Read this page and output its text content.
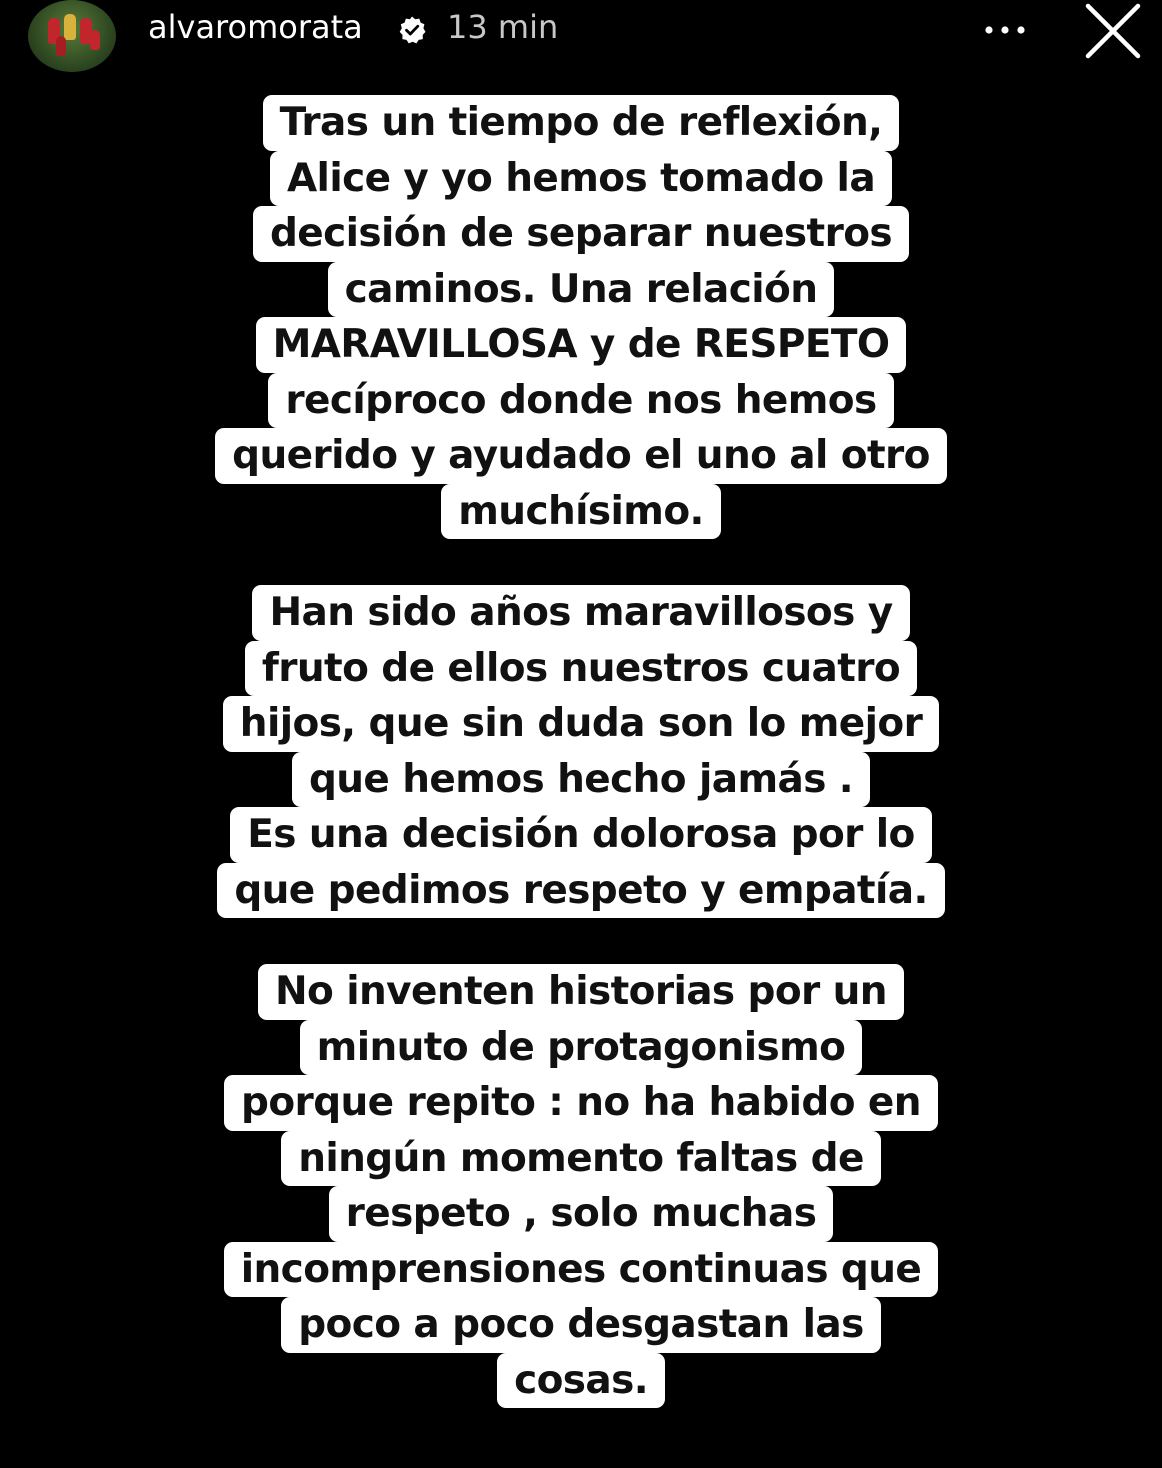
alvaromorata	13 min
Tras un tiempo de reflexión,
Alice y yo hemos tomado la
decisión de separar nuestros
caminos. Una relación
MARAVILLOSA y de RESPETO
recíproco donde nos hemos
querido y ayudado el uno al otro
muchísimo.
Han sido años maravillosos y
fruto de ellos nuestros cuatro
hijos, que sin duda son lo mejor
que hemos hecho jamás .
Es una decisión dolorosa por lo
que pedimos respeto y empatía.
No inventen historias por un
minuto de protagonismo
porque repito : no ha habido en
ningún momento faltas de
respeto , solo muchas
incomprensiones continuas que
poco a poco desgastan las
cosas.
